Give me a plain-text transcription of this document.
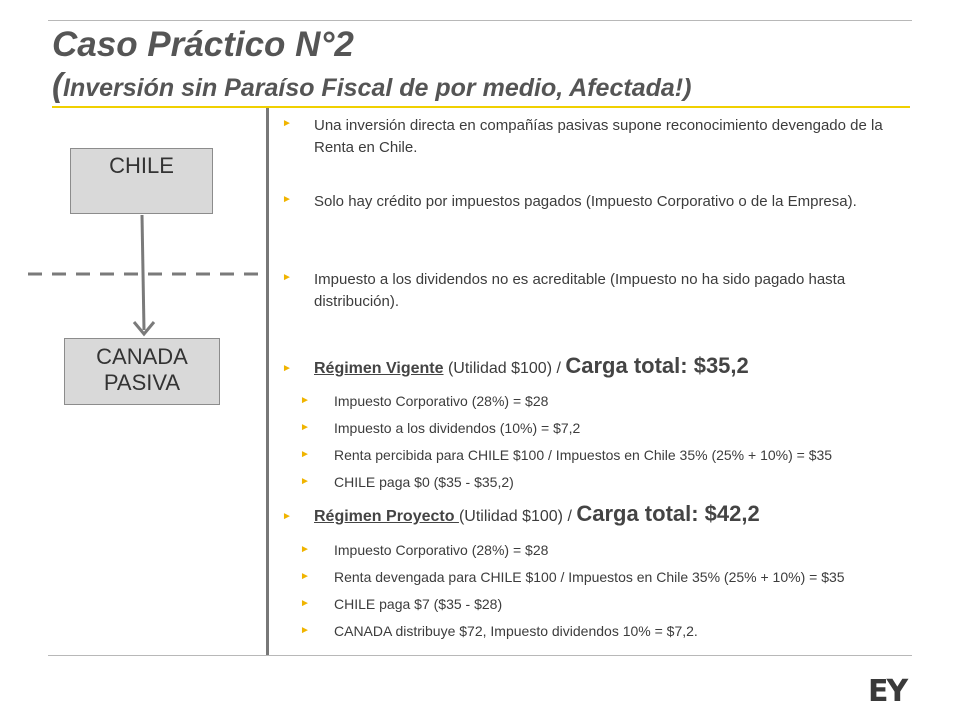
Caso Práctico N°2
(Inversión sin Paraíso Fiscal de por medio, Afectada!)
CHILE
CANADA
PASIVA
► Una inversión directa en compañías pasivas supone reconocimiento devengado de la Renta en Chile.
► Solo hay crédito por impuestos pagados (Impuesto Corporativo o de la Empresa).
► Impuesto a los dividendos no es acreditable (Impuesto no ha sido pagado hasta distribución).
► Régimen Vigente (Utilidad $100) / Carga total: $35,2
► Impuesto Corporativo (28%) = $28
► Impuesto a los dividendos (10%) = $7,2
► Renta percibida para CHILE $100 / Impuestos en Chile 35% (25% + 10%) = $35
► CHILE paga $0 ($35 - $35,2)
► Régimen Proyecto (Utilidad $100) / Carga total: $42,2
► Impuesto Corporativo (28%) = $28
► Renta devengada para CHILE $100 / Impuestos en Chile 35% (25% + 10%) = $35
► CHILE paga $7 ($35 - $28)
► CANADA distribuye $72, Impuesto dividendos 10% = $7,2.
EY
